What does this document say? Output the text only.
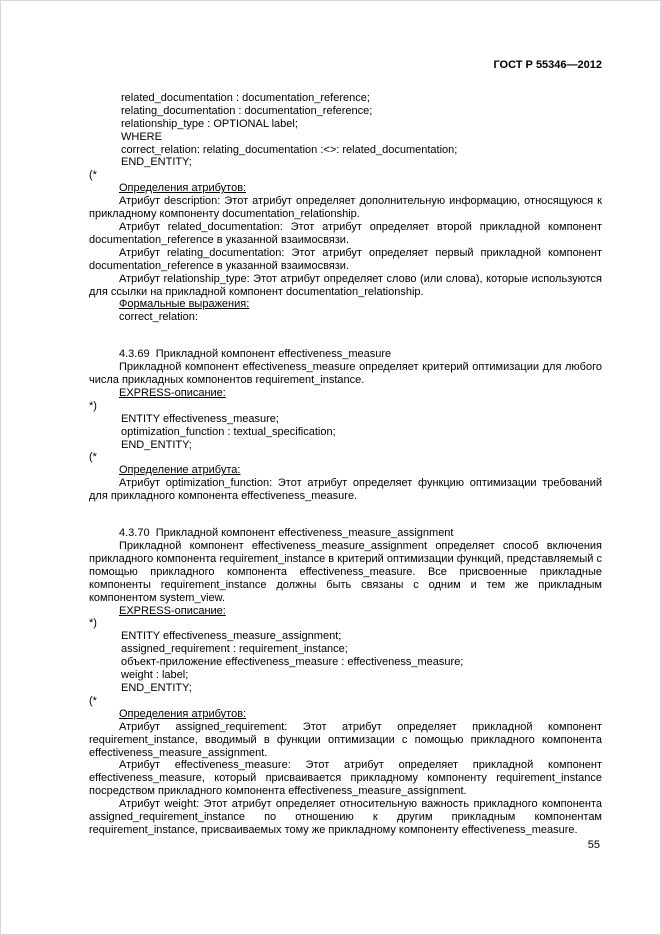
ГОСТ Р 55346—2012
related_documentation : documentation_reference;
relating_documentation : documentation_reference;
relationship_type : OPTIONAL label;
WHERE
correct_relation: relating_documentation :<>: related_documentation;
END_ENTITY;
(*
Определения атрибутов:
Атрибут description: Этот атрибут определяет дополнительную информацию, относящуюся к прикладному компоненту documentation_relationship.
Атрибут related_documentation: Этот атрибут определяет второй прикладной компонент documentation_reference в указанной взаимосвязи.
Атрибут relating_documentation: Этот атрибут определяет первый прикладной компонент documentation_reference в указанной взаимосвязи.
Атрибут relationship_type: Этот атрибут определяет слово (или слова), которые используются для ссылки на прикладной компонент documentation_relationship.
Формальные выражения:
correct_relation:
4.3.69  Прикладной компонент effectiveness_measure
Прикладной компонент effectiveness_measure определяет критерий оптимизации для любого числа прикладных компонентов requirement_instance.
EXPRESS-описание:
*)
ENTITY effectiveness_measure;
optimization_function : textual_specification;
END_ENTITY;
(*
Определение атрибута:
Атрибут optimization_function: Этот атрибут определяет функцию оптимизации требований для прикладного компонента effectiveness_measure.
4.3.70  Прикладной компонент effectiveness_measure_assignment
Прикладной компонент effectiveness_measure_assignment определяет способ включения прикладного компонента requirement_instance в критерий оптимизации функций, представляемый с помощью прикладного компонента effectiveness_measure. Все присвоенные прикладные компоненты requirement_instance должны быть связаны с одним и тем же прикладным компонентом system_view.
EXPRESS-описание:
*)
ENTITY effectiveness_measure_assignment;
assigned_requirement : requirement_instance;
объект-приложение effectiveness_measure : effectiveness_measure;
weight : label;
END_ENTITY;
(*
Определения атрибутов:
Атрибут assigned_requirement: Этот атрибут определяет прикладной компонент requirement_instance, вводимый в функции оптимизации с помощью прикладного компонента effectiveness_measure_assignment.
Атрибут effectiveness_measure: Этот атрибут определяет прикладной компонент effectiveness_measure, который присваивается прикладному компоненту requirement_instance посредством прикладного компонента effectiveness_measure_assignment.
Атрибут weight: Этот атрибут определяет относительную важность прикладного компонента assigned_requirement_instance по отношению к другим прикладным компонентам requirement_instance, присваиваемых тому же прикладному компоненту effectiveness_measure.
55
